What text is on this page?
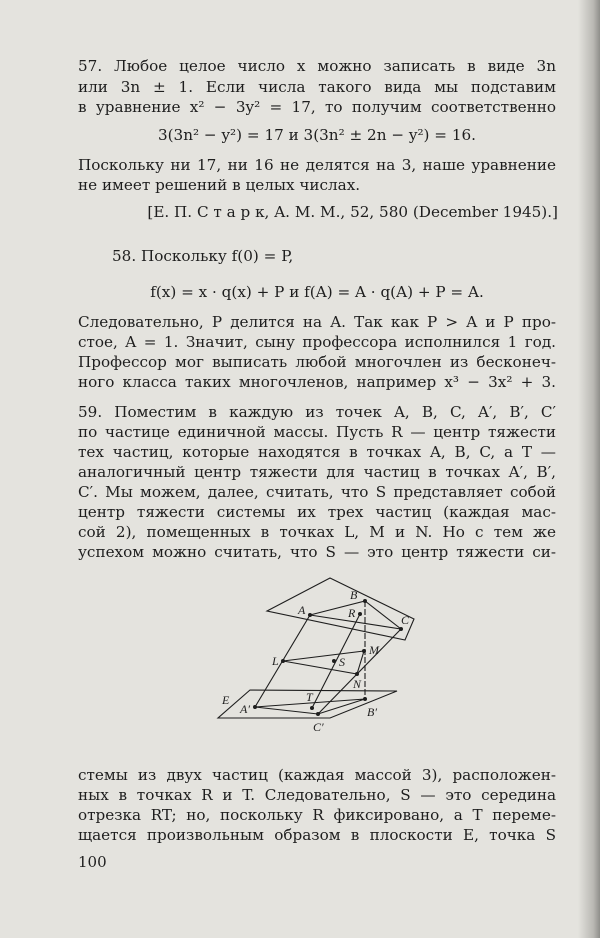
57. Любое целое число x можно записать в виде 3n
или 3n ± 1. Если числа такого вида мы подставим
в уравнение x² − 3y² = 17, то получим соответственно
3(3n² − y²) = 17 и 3(3n² ± 2n − y²) = 16.
Поскольку ни 17, ни 16 не делятся на 3, наше уравнение
не имеет решений в целых числах.
[Е. П. С т а р к, A. M. M., 52, 580 (December 1945).]
58. Поскольку f(0) = P,
f(x) = x · q(x) + P и f(A) = A · q(A) + P = A.
Следовательно, P делится на A. Так как P > A и P про-
стое, A = 1. Значит, сыну профессора исполнился 1 год.
Профессор мог выписать любой многочлен из бесконеч-
ного класса таких многочленов, например x³ − 3x² + 3.
59. Поместим в каждую из точек A, B, C, A′, B′, C′
по частице единичной массы. Пусть R — центр тяжести
тех частиц, которые находятся в точках A, B, C, а T —
аналогичный центр тяжести для частиц в точках A′, B′,
C′. Мы можем, далее, считать, что S представляет собой
центр тяжести системы их трех частиц (каждая мас-
сой 2), помещенных в точках L, M и N. Но с тем же
успехом можно считать, что S — это центр тяжести си-
A
B
C
R
M
L	S
N
E	T
A′	B′
C′
стемы из двух частиц (каждая массой 3), расположен-
ных в точках R и T. Следовательно, S — это середина
отрезка RT; но, поскольку R фиксировано, а T переме-
щается произвольным образом в плоскости E, точка S
100
